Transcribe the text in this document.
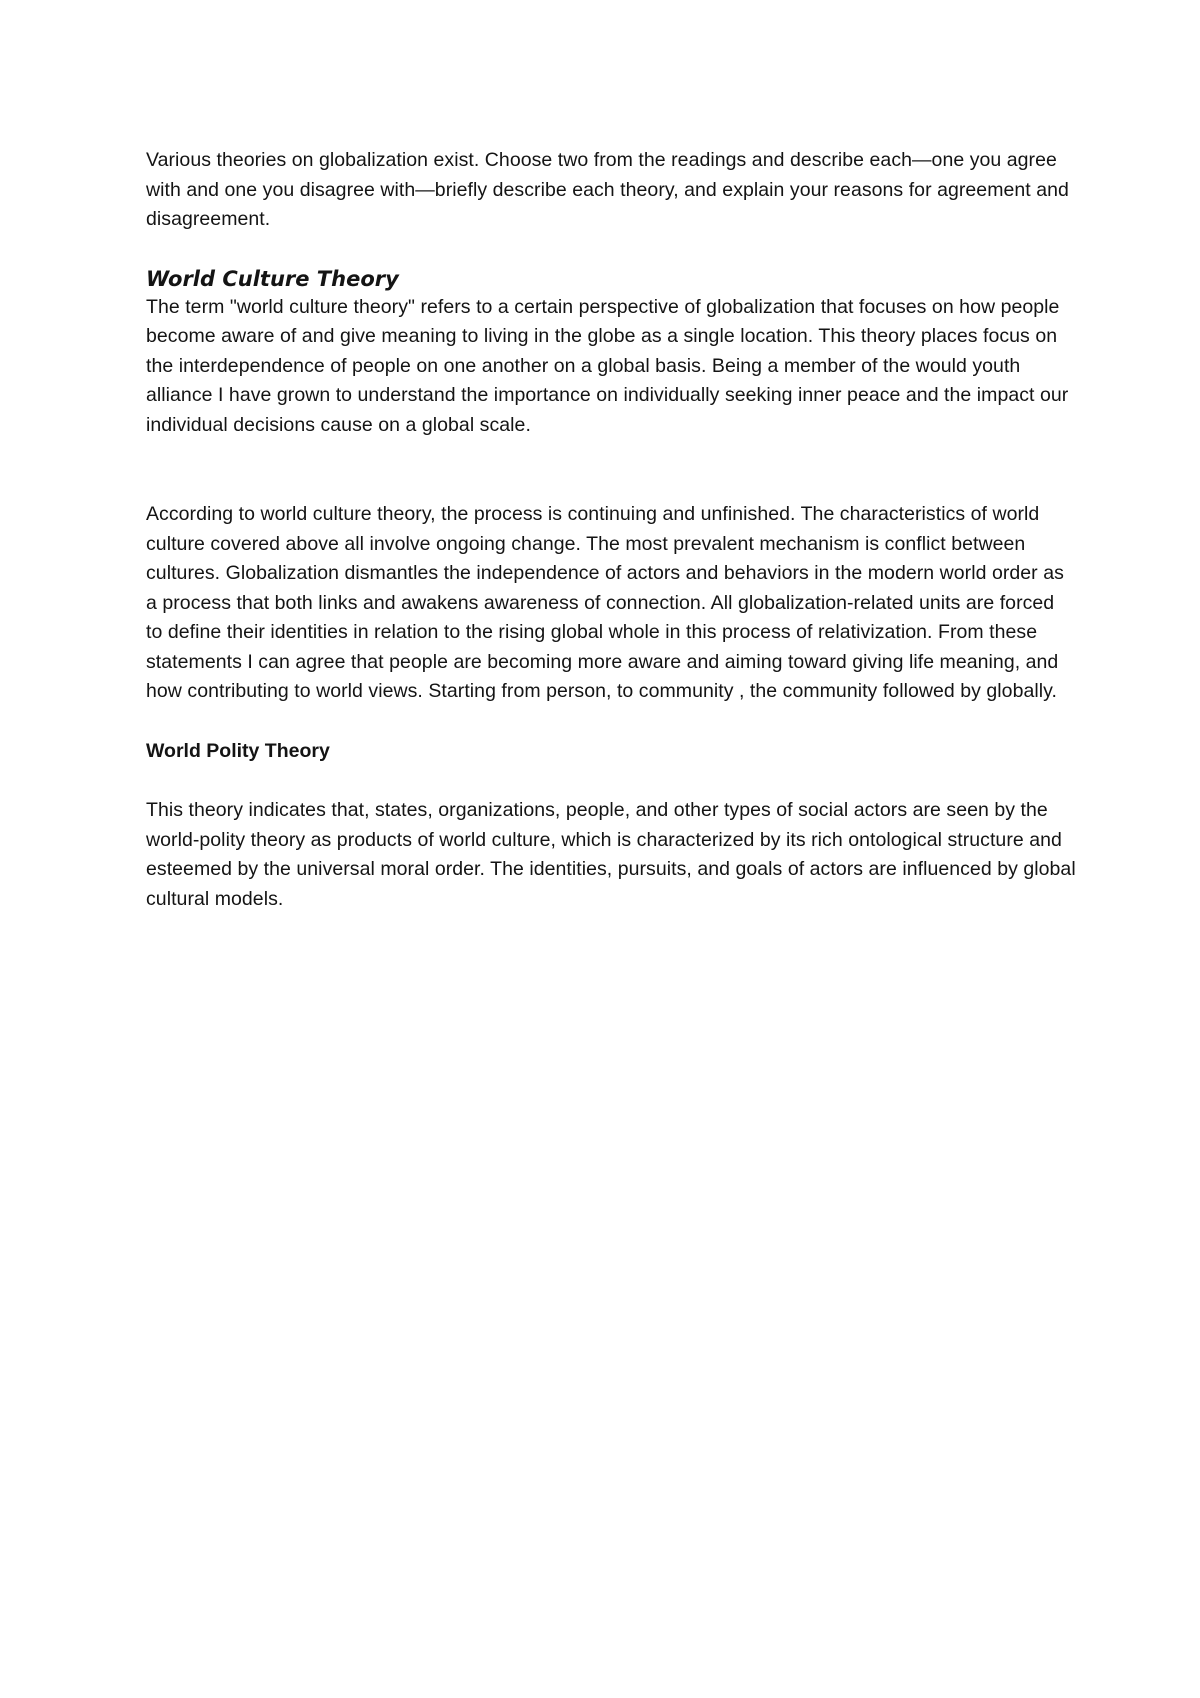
Various theories on globalization exist. Choose two from the readings and describe each—one you agree with and one you disagree with—briefly describe each theory, and explain your reasons for agreement and disagreement.

World Culture Theory

The term "world culture theory" refers to a certain perspective of globalization that focuses on how people become aware of and give meaning to living in the globe as a single location. This theory places focus on the interdependence of people on one another on a global basis. Being a member of the would youth alliance I have grown to understand the importance on individually seeking inner peace and the impact our individual decisions cause on a global scale.

According to world culture theory, the process is continuing and unfinished. The characteristics of world culture covered above all involve ongoing change. The most prevalent mechanism is conflict between cultures. Globalization dismantles the independence of actors and behaviors in the modern world order as a process that both links and awakens awareness of connection. All globalization-related units are forced to define their identities in relation to the rising global whole in this process of relativization. From these statements I can agree that people are becoming more aware and aiming toward giving life meaning, and how contributing to world views. Starting from person, to community , the community followed by globally.

World Polity Theory

This theory indicates that, states, organizations, people, and other types of social actors are seen by the world-polity theory as products of world culture, which is characterized by its rich ontological structure and esteemed by the universal moral order. The identities, pursuits, and goals of actors are influenced by global cultural models.
